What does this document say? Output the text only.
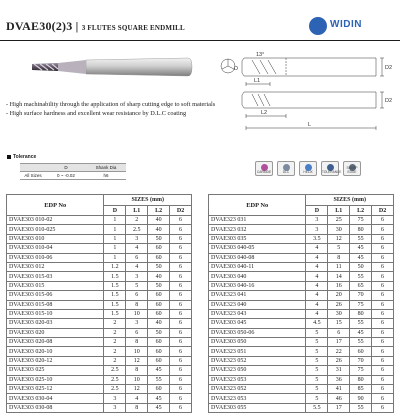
DVAE30(2)3 | 3 FLUTES SQUARE ENDMILL	WIDIN
13°
L1
L2
L
D	D2
D2
- High machinability through the application of sharp cutting edge to soft materials
- High surface hardness and excellent wear resistance by D.L.C coating
Tolerance
	D	Shank Dia
All Sizes	0 ~ -0.02	h6
CARBIDE	DLC	HELIX	TOLERANCE
SHARP EDGE
EDP No	SIZES (mm)			
	D	L1	L2	D2
DVAE303 010-02	1	2	40	6
DVAE303 010-025	1	2.5	40	6
DVAE303 010	1	3	50	6
DVAE303 010-04	1	4	60	6
DVAE303 010-06	1	6	60	6
DVAE303 012	1.2	4	50	6
DVAE303 015-03	1.5	3	40	6
DVAE303 015	1.5	5	50	6
DVAE303 015-06	1.5	6	60	6
DVAE303 015-08	1.5	8	60	6
DVAE303 015-10	1.5	10	60	6
DVAE303 020-03	2	3	40	6
DVAE303 020	2	6	50	6
DVAE303 020-08	2	8	60	6
DVAE303 020-10	2	10	60	6
DVAE303 020-12	2	12	60	6
DVAE303 025	2.5	8	45	6
DVAE303 025-10	2.5	10	55	6
DVAE303 025-12	2.5	12	60	6
DVAE303 030-04	3	4	45	6
DVAE303 030-08	3	8	45	6
EDP No	SIZES (mm)			
	D	L1	L2	D2
DVAE323 031	3	25	75	6
DVAE323 032	3	30	80	6
DVAE303 035	3.5	12	55	6
DVAE303 040-05	4	5	45	6
DVAE303 040-08	4	8	45	6
DVAE303 040-11	4	11	50	6
DVAE303 040	4	14	55	6
DVAE303 040-16	4	16	65	6
DVAE323 041	4	20	70	6
DVAE323 040	4	26	75	6
DVAE323 043	4	30	80	6
DVAE303 045	4.5	15	55	6
DVAE303 050-06	5	6	45	6
DVAE303 050	5	17	55	6
DVAE323 051	5	22	60	6
DVAE323 052	5	26	70	6
DVAE323 050	5	31	75	6
DVAE323 053	5	36	80	6
DVAE323 052	5	41	85	6
DVAE323 053	5	46	90	6
DVAE303 055	5.5	17	55	6
